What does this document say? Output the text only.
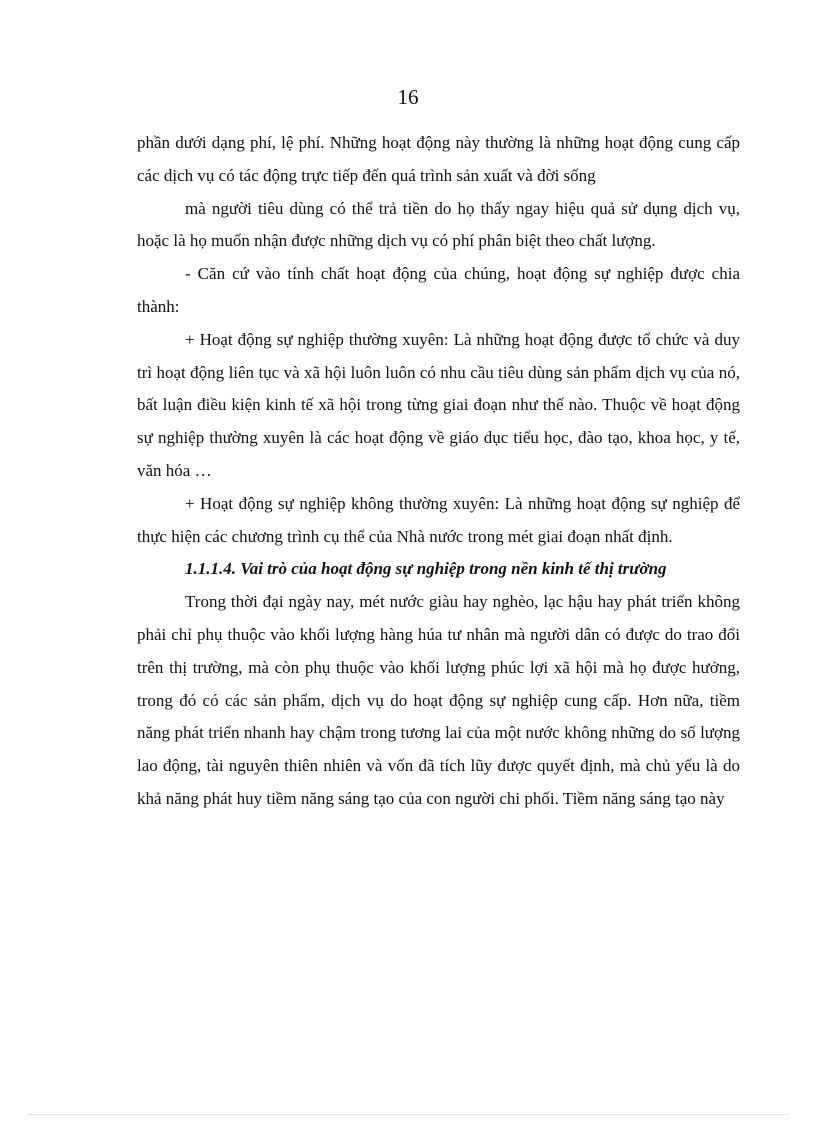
16

phần dưới dạng phí, lệ phí. Những hoạt động này thường là những hoạt động cung cấp các dịch vụ có tác động trực tiếp đến quá trình sản xuất và đời sống

mà người tiêu dùng có thể trả tiền do họ thấy ngay hiệu quả sử dụng dịch vụ, hoặc là họ muốn nhận được những dịch vụ có phí phân biệt theo chất lượng.

- Căn cứ vào tính chất hoạt động của chúng, hoạt động sự nghiệp được chia thành:

+ Hoạt động sự nghiệp thường xuyên: Là những hoạt động được tổ chức và duy trì hoạt động liên tục và xã hội luôn luôn có nhu cầu tiêu dùng sản phẩm dịch vụ của nó, bất luận điều kiện kinh tế xã hội trong từng giai đoạn như thế nào. Thuộc về hoạt động sự nghiệp thường xuyên là các hoạt động về giáo dục tiểu học, đào tạo, khoa học, y tế, văn hóa …

+ Hoạt động sự nghiệp không thường xuyên: Là những hoạt động sự nghiệp để thực hiện các chương trình cụ thể của Nhà nước trong mét giai đoạn nhất định.

1.1.1.4. Vai trò của hoạt động sự nghiệp trong nền kinh tế thị trường

Trong thời đại ngày nay, mét nước giàu hay nghèo, lạc hậu hay phát triển không phải chỉ phụ thuộc vào khối lượng hàng húa tư nhân mà người dân có được do trao đổi trên thị trường, mà còn phụ thuộc vào khối lượng phúc lợi xã hội mà họ được hưởng, trong đó có các sản phẩm, dịch vụ do hoạt động sự nghiệp cung cấp. Hơn nữa, tiềm năng phát triển nhanh hay chậm trong tương lai của một nước không những do số lượng lao động, tài nguyên thiên nhiên và vốn đã tích lũy được quyết định, mà chủ yếu là do khả năng phát huy tiềm năng sáng tạo của con người chi phối. Tiềm năng sáng tạo này
